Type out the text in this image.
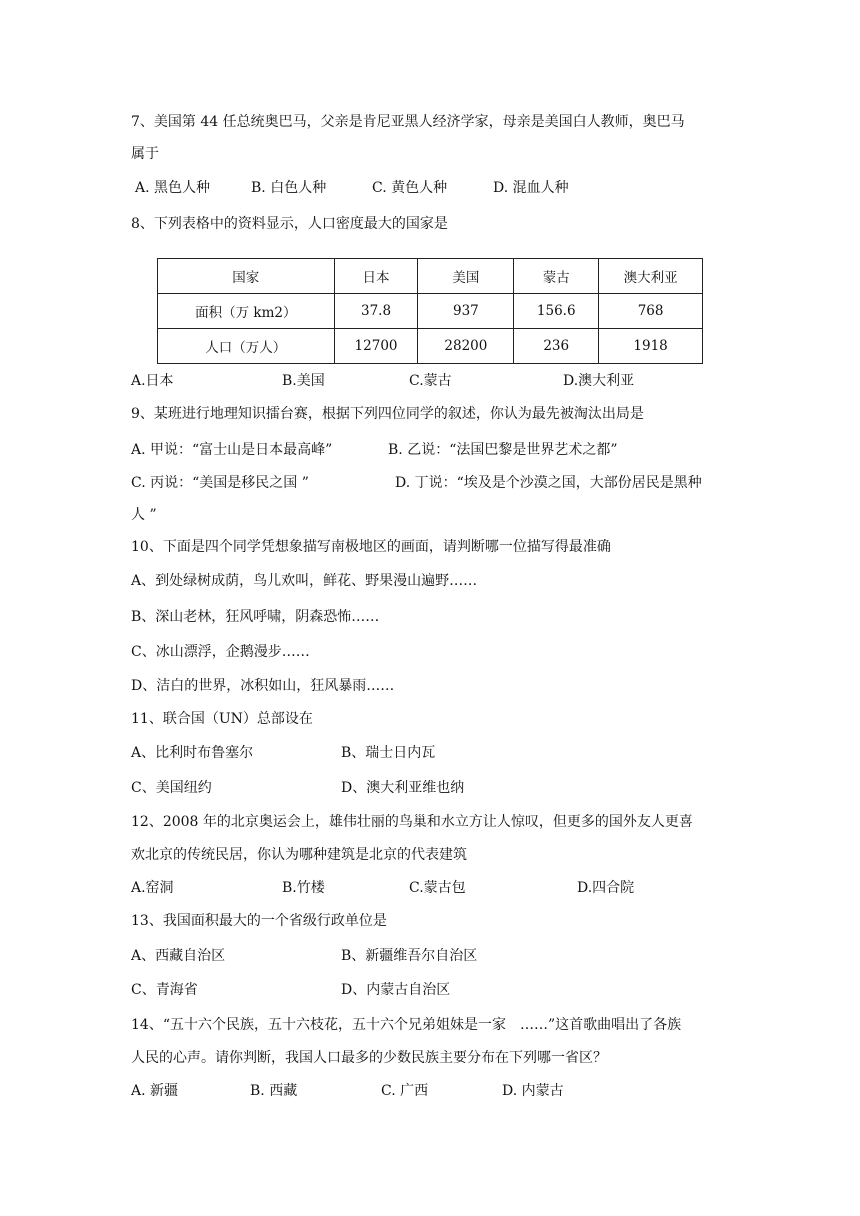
7、美国第 44 任总统奥巴马，父亲是肯尼亚黑人经济学家，母亲是美国白人教师，奥巴马
属于
A. 黑色人种	B. 白色人种	C. 黄色人种	D. 混血人种
8、下列表格中的资料显示，人口密度最大的国家是
国家	日本	美国	蒙古	澳大利亚
面积（万 km2）	37.8	937	156.6	768
人口（万人）	12700	28200	236	1918
A.日本	B.美国	C.蒙古	D.澳大利亚
9、某班进行地理知识擂台赛，根据下列四位同学的叙述，你认为最先被淘汰出局是
A. 甲说：“富士山是日本最高峰”	B. 乙说：“法国巴黎是世界艺术之都”
C. 丙说：“美国是移民之国 ”	D. 丁说：“埃及是个沙漠之国，大部份居民是黑种
人 ”
10、下面是四个同学凭想象描写南极地区的画面，请判断哪一位描写得最准确
A、到处绿树成荫，鸟儿欢叫，鲜花、野果漫山遍野……
B、深山老林，狂风呼啸，阴森恐怖……
C、冰山漂浮，企鹅漫步……
D、洁白的世界，冰积如山，狂风暴雨……
11、联合国（UN）总部设在
A、比利时布鲁塞尔	B、瑞士日内瓦
C、美国纽约	D、澳大利亚维也纳
12、2008 年的北京奥运会上，雄伟壮丽的鸟巢和水立方让人惊叹，但更多的国外友人更喜
欢北京的传统民居，你认为哪种建筑是北京的代表建筑
A.窑洞	B.竹楼	C.蒙古包	D.四合院
13、我国面积最大的一个省级行政单位是
A、西藏自治区	B、新疆维吾尔自治区
C、青海省	D、内蒙古自治区
14、“五十六个民族，五十六枝花，五十六个兄弟姐妹是一家　……”这首歌曲唱出了各族
人民的心声。请你判断，我国人口最多的少数民族主要分布在下列哪一省区？
A. 新疆	B. 西藏	C. 广西	D. 内蒙古
